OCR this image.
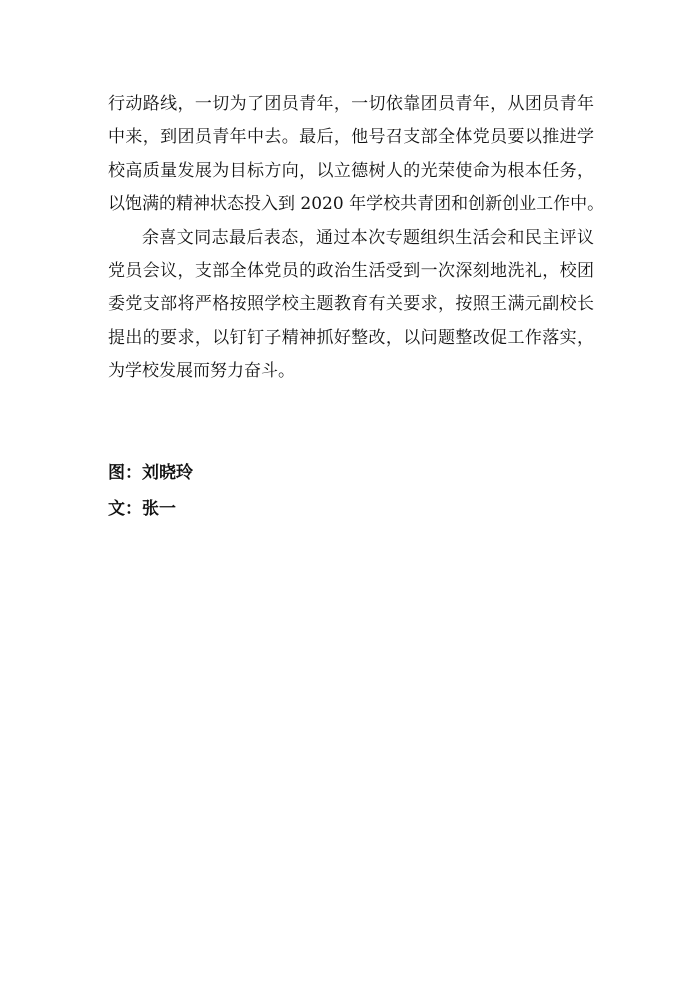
行动路线，一切为了团员青年，一切依靠团员青年，从团员青年
中来，到团员青年中去。最后，他号召支部全体党员要以推进学
校高质量发展为目标方向，以立德树人的光荣使命为根本任务，
以饱满的精神状态投入到 2020 年学校共青团和创新创业工作中。

余喜文同志最后表态，通过本次专题组织生活会和民主评议
党员会议，支部全体党员的政治生活受到一次深刻地洗礼，校团
委党支部将严格按照学校主题教育有关要求，按照王满元副校长
提出的要求，以钉钉子精神抓好整改，以问题整改促工作落实，
为学校发展而努力奋斗。

图：刘晓玲
文：张一
